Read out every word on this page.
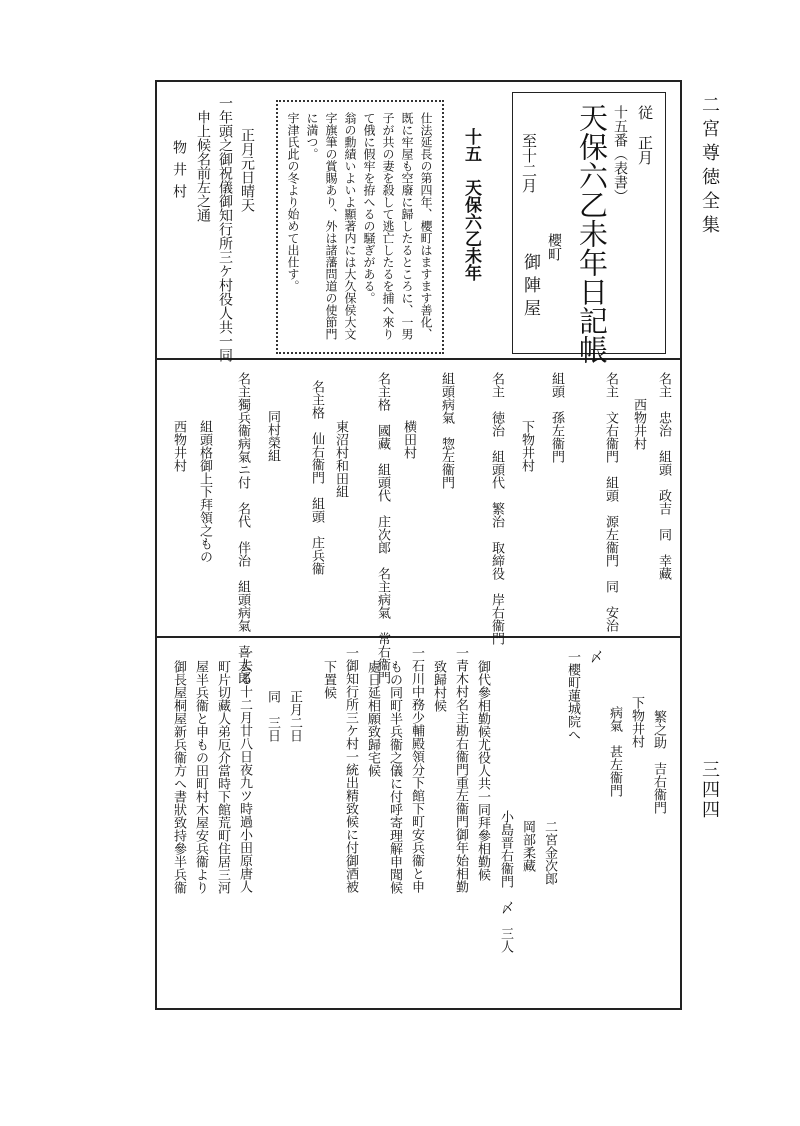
二宮尊徳全集
三四四
従　正月
十五番（表書）
天保六乙未年日記帳
櫻町
至十二月
御陣屋
十五　天保六乙未年
仕法延長の第四年、櫻町はますます善化、
既に牢屋も空廢に歸したるところに、一男
子が共の妻を殺して逃亡したるを捕へ來り
て俄に假牢を拵へるの騒ぎがある。
翁の勳績いよいよ顯著内には大久保侯大文
字旗筆の賞賜あり、外は諸藩問道の使節門
に満つ。
宇津氏此の冬より始めて出仕す。
正月元日晴天
一年頭之御祝儀御知行所三ケ村役人共一同
申上候名前左之通
物井村
名主　忠治　組頭　政吉　同　幸藏
西物井村
名主　文右衞門　組頭　源左衞門　同　安治
組頭　孫左衞門
下物井村
名主　徳治　組頭代　繁治　取締役　岸右衞門
組頭病氣　惣左衞門
横田村
名主格　國藏　組頭代　庄次郎　名主病氣　常右衞門
東沼村和田組
名主格　仙右衞門　組頭　庄兵衞
同村榮組
名主獨兵衞病氣ニ付　名代　伴治　組頭病氣　喜太郎
組頭格御上下拜領之もの
西物井村
繁之助　吉右衞門
下物井村
病氣　甚左衞門
〆
一櫻町蓮城院へ
二宮金次郎
岡部柔藏
小島晋右衞門　〆　三人
御代參相勤候尤役人共一同拜參相勤候
一青木村名主勘右衞門重左衞門御年始相勤
致歸村候
一石川中務少輔殿領分下館下町安兵衞と申
もの同町半兵衞之儀に付呼寄理解申聞候
處日延相願致歸宅候
一御知行所三ケ村一統出精致候に付御酒被
下置候
正月二日
同　三日
一去る十二月廿八日夜九ツ時過小田原唐人
町片切藏人弟厄介當時下館荒町住居三河
屋半兵衞と申もの田町村木屋安兵衞より
御長屋桐屋新兵衞方へ書狀致持參半兵衞
